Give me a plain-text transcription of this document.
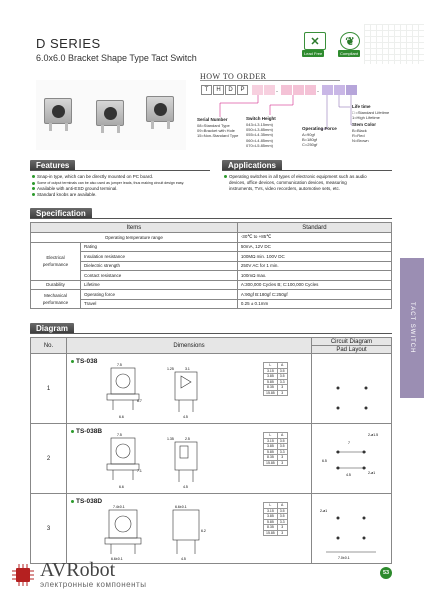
D SERIES
6.0x6.0 Bracket Shape Type Tact Switch
✕
Lead Free
❦
Compliant
HOW TO ORDER
T	H	D	P	-	-
Serial Number
08=Standard Type
09=Bracket with Hole
15=Non-Standard Type
Switch Height
043=L3.15mm)
050=L3.85mm)
055=L4.35mm)
060=L4.85mm)
070=L5.85mm)
Operating Force
A=90gf
B=180gf
C=250gf
Life time
□ =Standard Lifetime
1=High Lifetime
Stem Color
B=Black
R=Red
N=Brown
Features
Snap-in type, which can be directly mounted on PC board.
Some of output terminals can be also used as jumper leads, thus making circuit design easy.
Available with anti-ESD ground terminal.
Standard knobs are available.
Applications
Operating switches in all types of electronic equipment such as audio
devices, office devices, communication devices, measuring
instruments, TVs, video recorders, automotive sets, etc.
Specification
Items		Standard
Operating temperature range		-30℃ to +85℃
Electrical performance	Rating	50mA, 12V DC
	Insulation resistance	100MΩ min. 100V DC
	Dielectric strength	250V AC for 1 min.
	Contact resistance	100mΩ max.
Durability	Lifetime	A:300,000 Cycles B; C:100,000 Cycles
Mechanical performance	Operating force	A:90gf B:180gf C:250gf
	Travel	0.25 ± 0.1mm
Diagram
No.	Dimensions	Circuit Diagram
Pad Layout
1	
TS-038	7.5
6.7
6.6
1.25	3.1
4.5
L	A
3.15	3.5
3.85	3.5
5.85	3.3
8.35	3
15.85	3

2	
TS-038B	7.5
7.1
6.6
1.35	2.5
4.5
L	A
3.15	3.5
3.85	3.5
5.85	3.3
8.35	3
15.85	3

7
2-ø1.5
4.5
6.5
2-ø1

3	
TS-038D
7.4±0.1
6.6±0.1
6.6±0.1
4.5
6.2
L	A
3.15	3.5
3.85	3.5
5.85	3.3
8.35	3
15.85	3

2-ø1
7.0±0.1
TACT SWITCH
AVRobot
электронные компоненты
53
